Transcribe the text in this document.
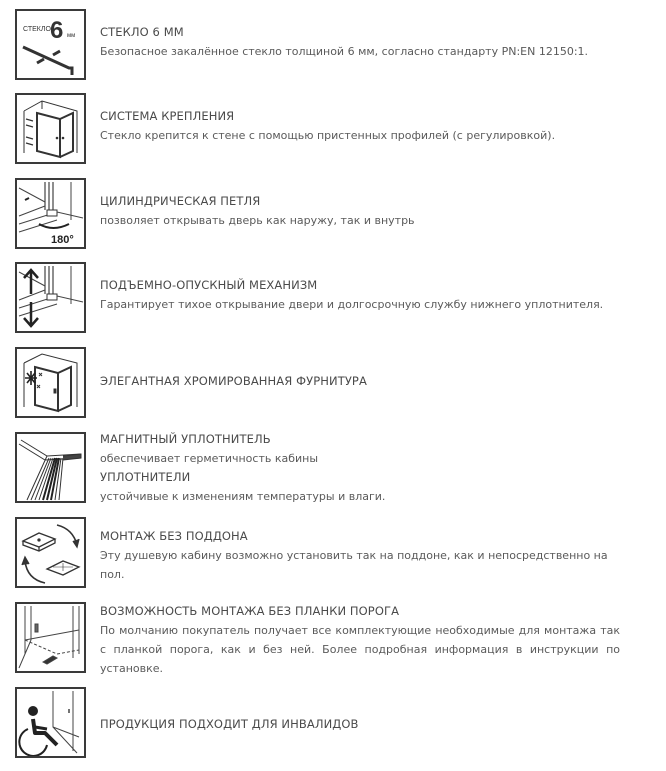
СТЕКЛО 6 мм СТЕКЛО 6 ММ
Безопасное закалённое стекло толщиной 6 мм, согласно стандарту PN:EN 12150:1.
СИСТЕМА КРЕПЛЕНИЯ
Стекло крепится к стене с помощью пристенных профилей (с регулировкой).
180°
ЦИЛИНДРИЧЕСКАЯ ПЕТЛЯ
позволяет открывать дверь как наружу, так и внутрь
ПОДЪЕМНО-ОПУСКНЫЙ МЕХАНИЗМ
Гарантирует тихое открывание двери и долгосрочную службу нижнего уплотнителя.
ЭЛЕГАНТНАЯ ХРОМИРОВАННАЯ ФУРНИТУРА
МАГНИТНЫЙ УПЛОТНИТЕЛЬ
обеспечивает герметичность кабины
УПЛОТНИТЕЛИ
устойчивые к изменениям температуры и влаги.
МОНТАЖ БЕЗ ПОДДОНА
Эту душевую кабину возможно установить так на поддоне, как и непосредственно на пол.
ВОЗМОЖНОСТЬ МОНТАЖА БЕЗ ПЛАНКИ ПОРОГА
По молчанию покупатель получает все комплектующие необходимые для монтажа так с планкой порога, как и без ней. Более подробная информация в инструкции по установке.
ПРОДУКЦИЯ ПОДХОДИТ ДЛЯ ИНВАЛИДОВ
